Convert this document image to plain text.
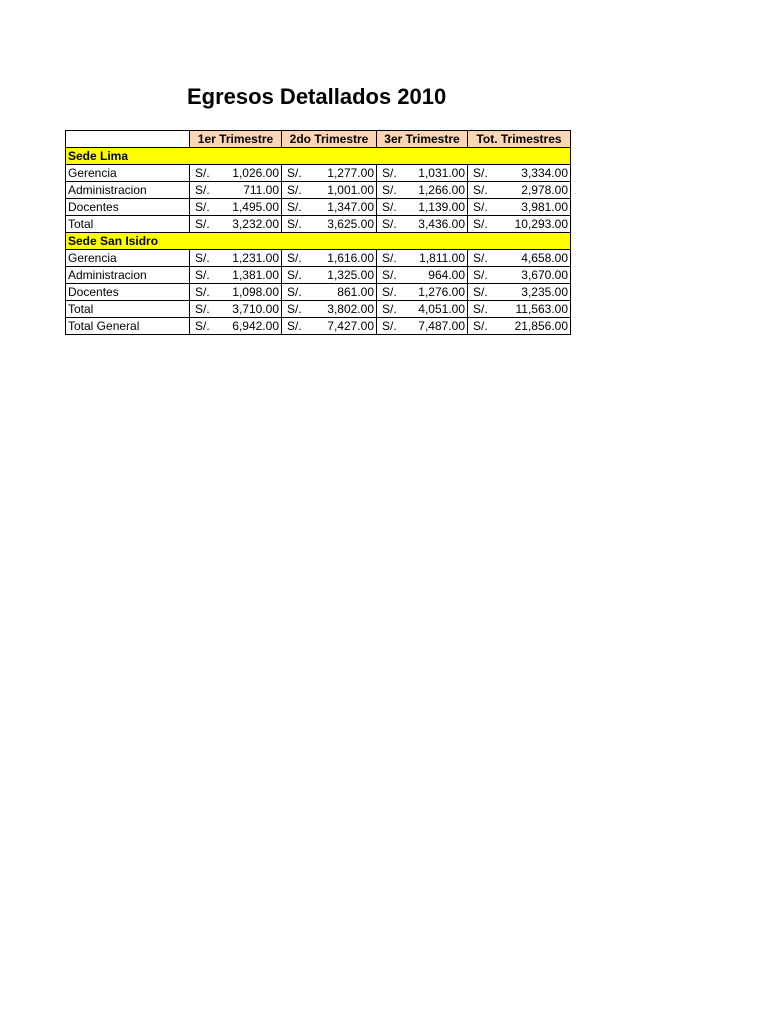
Egresos Detallados 2010
	1er Trimestre	2do Trimestre	3er Trimestre	Tot. Trimestres
Sede Lima				
Gerencia	S/. 1,026.00	S/. 1,277.00	S/. 1,031.00	S/. 3,334.00

Administracion	S/. 711.00	S/. 1,001.00	S/. 1,266.00	S/. 2,978.00

Docentes	S/. 1,495.00	S/. 1,347.00	S/. 1,139.00	S/. 3,981.00

Total	S/. 3,232.00	S/. 3,625.00	S/. 3,436.00	S/. 10,293.00

Sede San Isidro				
Gerencia	S/. 1,231.00	S/. 1,616.00	S/. 1,811.00	S/. 4,658.00

Administracion	S/. 1,381.00	S/. 1,325.00	S/. 964.00	S/. 3,670.00

Docentes	S/. 1,098.00	S/. 861.00	S/. 1,276.00	S/. 3,235.00

Total	S/. 3,710.00	S/. 3,802.00	S/. 4,051.00	S/. 11,563.00

Total General	S/. 6,942.00	S/. 7,427.00	S/. 7,487.00	S/. 21,856.00
